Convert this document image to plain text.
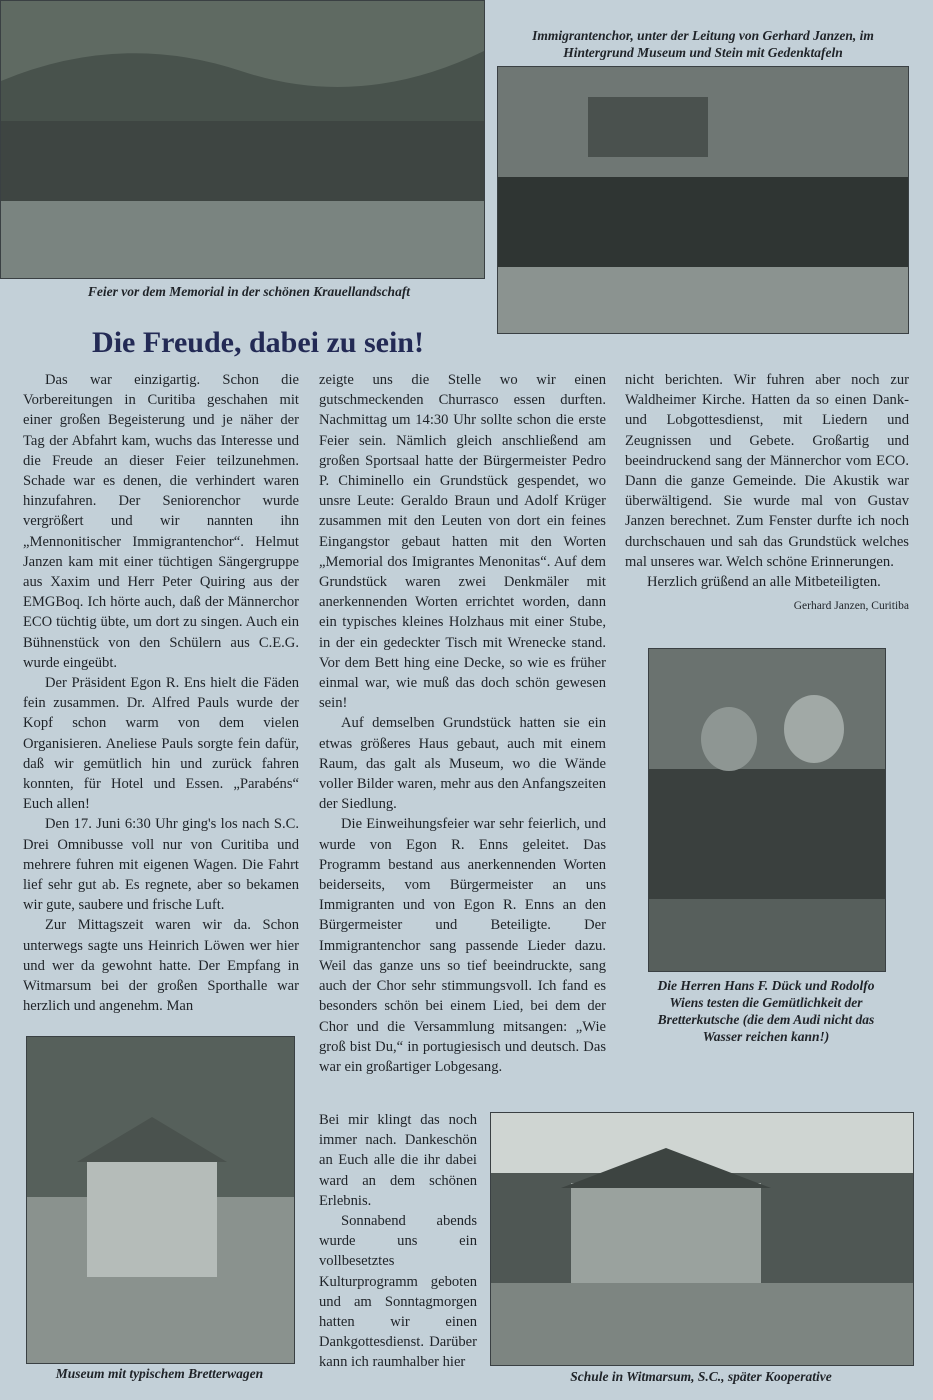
Feier vor dem Memorial in der schönen Krauellandschaft
Immigrantenchor, unter der Leitung von Gerhard Janzen, im Hintergrund Museum und Stein mit Gedenktafeln
Die Freude, dabei zu sein!

Das war einzigartig. Schon die Vorbereitungen in Curitiba geschahen mit einer großen Begeisterung und je näher der Tag der Abfahrt kam, wuchs das Interesse und die Freude an dieser Feier teilzunehmen. Schade war es denen, die verhindert waren hinzufahren. Der Seniorenchor wurde vergrößert und wir nannten ihn „Mennonitischer Immigrantenchor“. Helmut Janzen kam mit einer tüchtigen Sängergruppe aus Xaxim und Herr Peter Quiring aus der EMGBoq. Ich hörte auch, daß der Männerchor ECO tüchtig übte, um dort zu singen. Auch ein Bühnenstück von den Schülern aus C.E.G. wurde eingeübt.

Der Präsident Egon R. Ens hielt die Fäden fein zusammen. Dr. Alfred Pauls wurde der Kopf schon warm von dem vielen Organisieren. Aneliese Pauls sorgte fein dafür, daß wir gemütlich hin und zurück fahren konnten, für Hotel und Essen. „Parabéns“ Euch allen!

Den 17. Juni 6:30 Uhr ging's los nach S.C. Drei Omnibusse voll nur von Curitiba und mehrere fuhren mit eigenen Wagen. Die Fahrt lief sehr gut ab. Es regnete, aber so bekamen wir gute, saubere und frische Luft.

Zur Mittagszeit waren wir da. Schon unterwegs sagte uns Heinrich Löwen wer hier und wer da gewohnt hatte. Der Empfang in Witmarsum bei der großen Sporthalle war herzlich und angenehm. Man

zeigte uns die Stelle wo wir einen gutschmeckenden Churrasco essen durften. Nachmittag um 14:30 Uhr sollte schon die erste Feier sein. Nämlich gleich anschließend am großen Sportsaal hatte der Bürgermeister Pedro P. Chiminello ein Grundstück gespendet, wo unsre Leute: Geraldo Braun und Adolf Krüger zusammen mit den Leuten von dort ein feines Eingangstor gebaut hatten mit den Worten „Memorial dos Imigrantes Menonitas“. Auf dem Grundstück waren zwei Denkmäler mit anerkennenden Worten errichtet worden, dann ein typisches kleines Holzhaus mit einer Stube, in der ein gedeckter Tisch mit Wrenecke stand. Vor dem Bett hing eine Decke, so wie es früher einmal war, wie muß das doch schön gewesen sein!

Auf demselben Grundstück hatten sie ein etwas größeres Haus gebaut, auch mit einem Raum, das galt als Museum, wo die Wände voller Bilder waren, mehr aus den Anfangszeiten der Siedlung.

Die Einweihungsfeier war sehr feierlich, und wurde von Egon R. Enns geleitet. Das Programm bestand aus anerkennenden Worten beiderseits, vom Bürgermeister an uns Immigranten und von Egon R. Enns an den Bürgermeister und Beteiligte. Der Immigrantenchor sang passende Lieder dazu. Weil das ganze uns so tief beeindruckte, sang auch der Chor sehr stimmungsvoll. Ich fand es besonders schön bei einem Lied, bei dem der Chor und die Versammlung mitsangen: „Wie groß bist Du,“ in portugiesisch und deutsch. Das war ein großartiger Lobgesang.

Bei mir klingt das noch immer nach. Dankeschön an Euch alle die ihr dabei ward an dem schönen Erlebnis.

Sonnabend abends wurde uns ein vollbesetztes Kulturprogramm geboten und am Sonntagmorgen hatten wir einen Dankgottesdienst. Darüber kann ich raumhalber hier

nicht berichten. Wir fuhren aber noch zur Waldheimer Kirche. Hatten da so einen Dank- und Lobgottesdienst, mit Liedern und Zeugnissen und Gebete. Großartig und beeindruckend sang der Männerchor vom ECO. Dann die ganze Gemeinde. Die Akustik war überwältigend. Sie wurde mal von Gustav Janzen berechnet. Zum Fenster durfte ich noch durchschauen und sah das Grundstück welches mal unseres war. Welch schöne Erinnerungen.

Herzlich grüßend an alle Mitbeteiligten.

Gerhard Janzen, Curitiba
Die Herren Hans F. Dück und Rodolfo Wiens testen die Gemütlichkeit der Bretterkutsche (die dem Audi nicht das Wasser reichen kann!)
Museum mit typischem Bretterwagen	Schule in Witmarsum, S.C., später Kooperative
